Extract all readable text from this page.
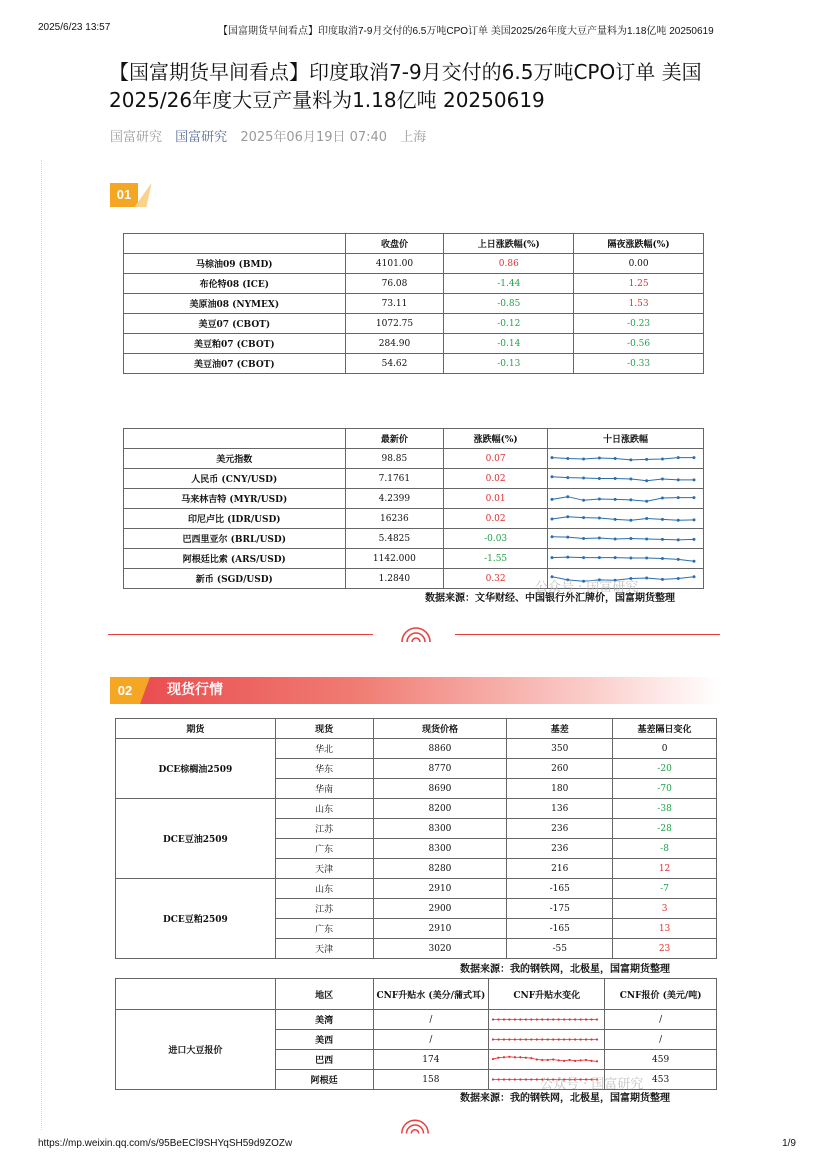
2025/6/23 13:57	【国富期货早间看点】印度取消7-9月交付的6.5万吨CPO订单 美国2025/26年度大豆产量料为1.18亿吨 20250619
【国富期货早间看点】印度取消7-9月交付的6.5万吨CPO订单 美国2025/26年度大豆产量料为1.18亿吨 20250619
国富研究 国富研究 2025年06月19日 07:40 上海
01
	收盘价	上日涨跌幅(%)	隔夜涨跌幅(%)
马棕油09 (BMD)	4101.00	0.86	0.00
布伦特08 (ICE)	76.08	-1.44	1.25
美原油08 (NYMEX)	73.11	-0.85	1.53
美豆07 (CBOT)	1072.75	-0.12	-0.23
美豆粕07 (CBOT)	284.90	-0.14	-0.56
美豆油07 (CBOT)	54.62	-0.13	-0.33
	最新价	涨跌幅(%)	十日涨跌幅
美元指数	98.85	0.07	

人民币 (CNY/USD)	7.1761	0.02	

马来林吉特 (MYR/USD)	4.2399	0.01	

印尼卢比 (IDR/USD)	16236	0.02	

巴西里亚尔 (BRL/USD)	5.4825	-0.03	

阿根廷比索 (ARS/USD)	1142.000	-1.55	

新币 (SGD/USD)	1.2840	0.32	
数据来源：文华财经、中国银行外汇牌价，国富期货整理
公众号 · 国富研究
02	现货行情
期货	现货	现货价格	基差	基差隔日变化
DCE棕榈油2509	华北	8860	350	0
	华东	8770	260	-20
	华南	8690	180	-70
DCE豆油2509	山东	8200	136	-38
	江苏	8300	236	-28
	广东	8300	236	-8
	天津	8280	216	12
DCE豆粕2509	山东	2910	-165	-7
	江苏	2900	-175	3
	广东	2910	-165	13
	天津	3020	-55	23
数据来源：我的钢铁网，北极星，国富期货整理
	地区	CNF升贴水 (美分/蒲式耳)	CNF升贴水变化	CNF报价 (美元/吨)
进口大豆报价	美湾	/		/
	美西	/		/
	巴西	174		459
	阿根廷	158		453
数据来源：我的钢铁网，北极星，国富期货整理
公众号 · 国富研究
https://mp.weixin.qq.com/s/95BeECl9SHYqSH59d9ZOZw	1/9
